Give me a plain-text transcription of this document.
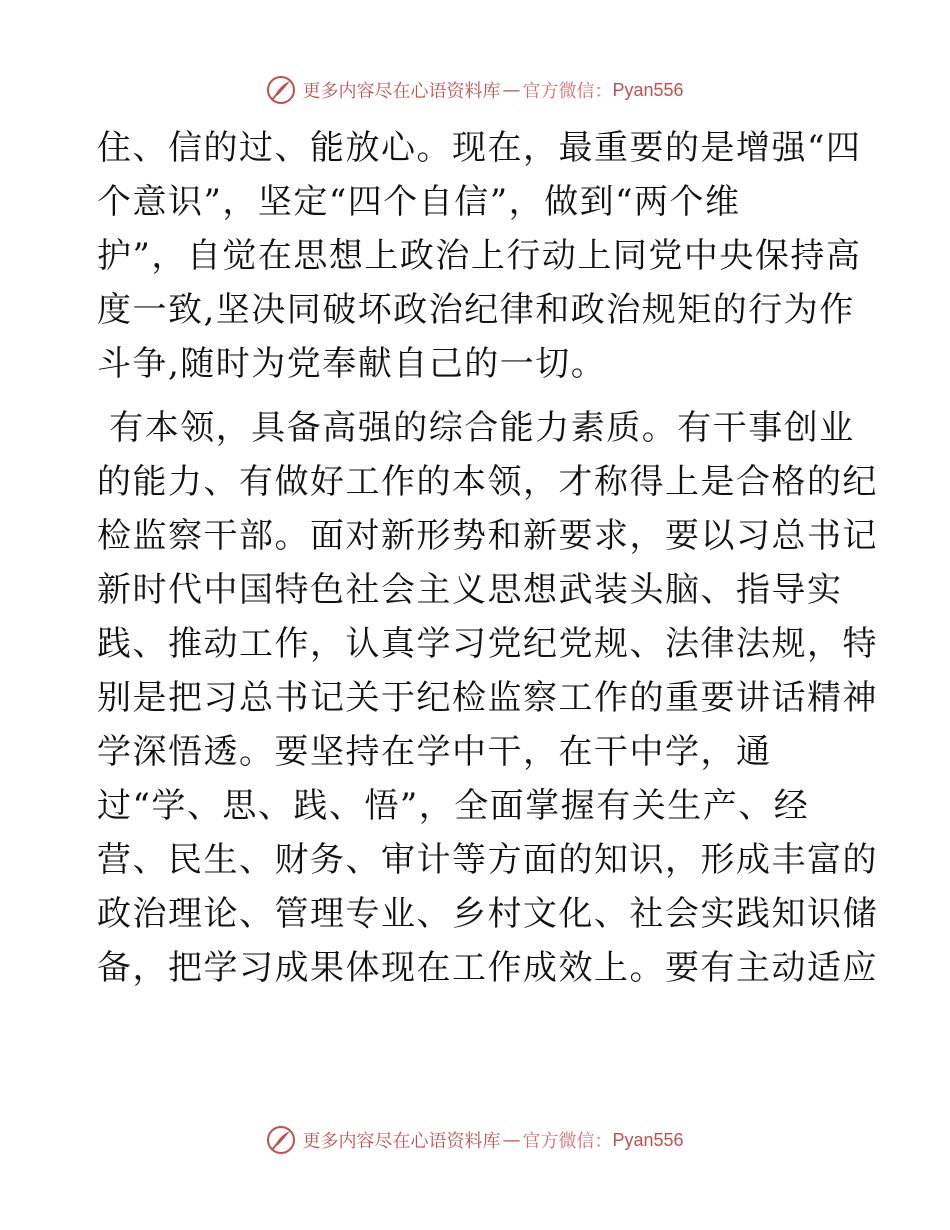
更多内容尽在心语资料库 — 官方微信： Pyan556
住、信的过、能放心。现在，最重要的是增强“四
个意识”，坚定“四个自信”，做到“两个维
护”，自觉在思想上政治上行动上同党中央保持高
度一致,坚决同破坏政治纪律和政治规矩的行为作
斗争,随时为党奉献自己的一切。
有本领，具备高强的综合能力素质。有干事创业
的能力、有做好工作的本领，才称得上是合格的纪
检监察干部。面对新形势和新要求，要以习总书记
新时代中国特色社会主义思想武装头脑、指导实
践、推动工作，认真学习党纪党规、法律法规，特
别是把习总书记关于纪检监察工作的重要讲话精神
学深悟透。要坚持在学中干，在干中学，通
过“学、思、践、悟”，全面掌握有关生产、经
营、民生、财务、审计等方面的知识，形成丰富的
政治理论、管理专业、乡村文化、社会实践知识储
备，把学习成果体现在工作成效上。要有主动适应
更多内容尽在心语资料库 — 官方微信： Pyan556
